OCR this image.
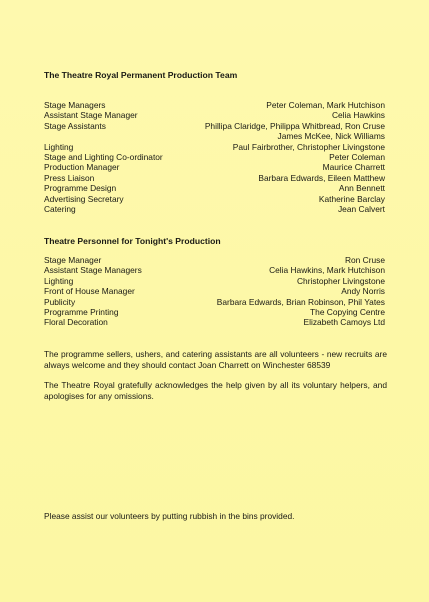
The Theatre Royal Permanent Production Team
Stage Managers	Peter Coleman, Mark Hutchison
Assistant Stage Manager	Celia Hawkins
Stage Assistants	Phillipa Claridge, Philippa Whitbread, Ron Cruse
James McKee, Nick Williams
Lighting	Paul Fairbrother, Christopher Livingstone
Stage and Lighting Co-ordinator	Peter Coleman
Production Manager	Maurice Charrett
Press Liaison	Barbara Edwards, Eileen Matthew
Programme Design	Ann Bennett
Advertising Secretary	Katherine Barclay
Catering	Jean Calvert
Theatre Personnel for Tonight's Production
Stage Manager	Ron Cruse
Assistant Stage Managers	Celia Hawkins, Mark Hutchison
Lighting	Christopher Livingstone
Front of House Manager	Andy Norris
Publicity	Barbara Edwards, Brian Robinson, Phil Yates
Programme Printing	The Copying Centre
Floral Decoration	Elizabeth Camoys Ltd
The programme sellers, ushers, and catering assistants are all volunteers - new recruits are always welcome and they should contact Joan Charrett on Winchester 68539
The Theatre Royal gratefully acknowledges the help given by all its voluntary helpers, and apologises for any omissions.
Please assist our volunteers by putting rubbish in the bins provided.
